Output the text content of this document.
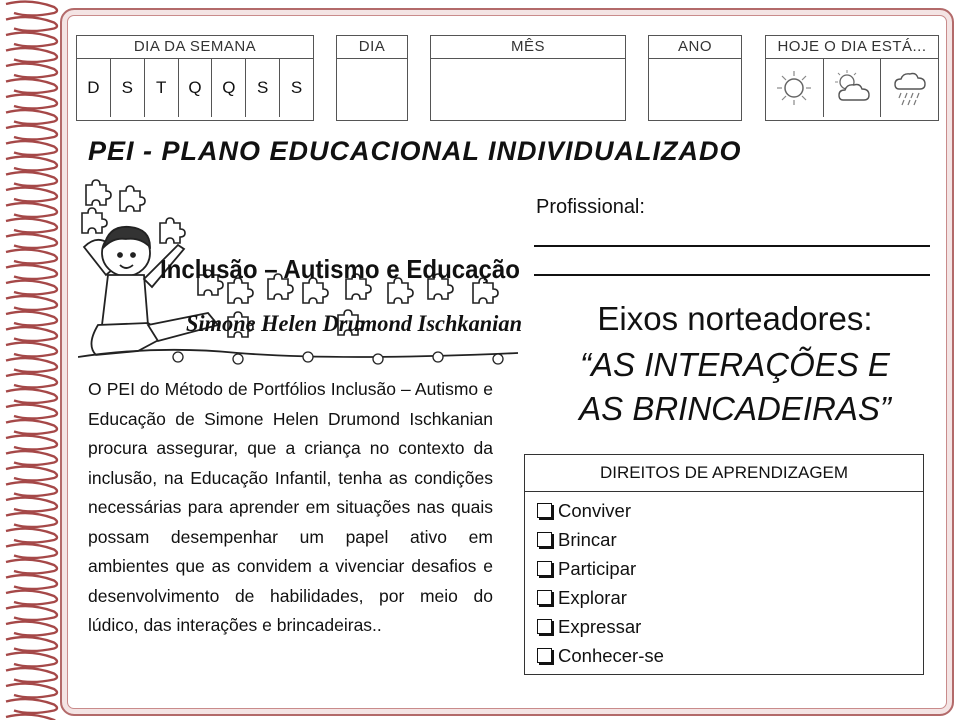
DIA DA SEMANA
D	S	T	Q	Q	S	S
DIA	MÊS	ANO	HOJE O DIA ESTÁ...
PEI - PLANO EDUCACIONAL INDIVIDUALIZADO
Inclusão – Autismo e Educação
Simone Helen Drumond Ischkanian
Profissional:
Eixos norteadores:
“AS INTERAÇÕES E
AS BRINCADEIRAS”
O PEI do Método de Portfólios Inclusão – Autismo e Educação de Simone Helen Drumond Ischkanian procura assegurar, que a criança no contexto da inclusão, na Educação Infantil, tenha as condições necessárias para aprender em situações nas quais possam desempenhar um papel ativo em ambientes que as convidem a vivenciar desafios e desenvolvimento de habilidades, por meio do lúdico, das interações e brincadeiras..
DIREITOS DE APRENDIZAGEM
Conviver
Brincar
Participar
Explorar
Expressar
Conhecer-se
